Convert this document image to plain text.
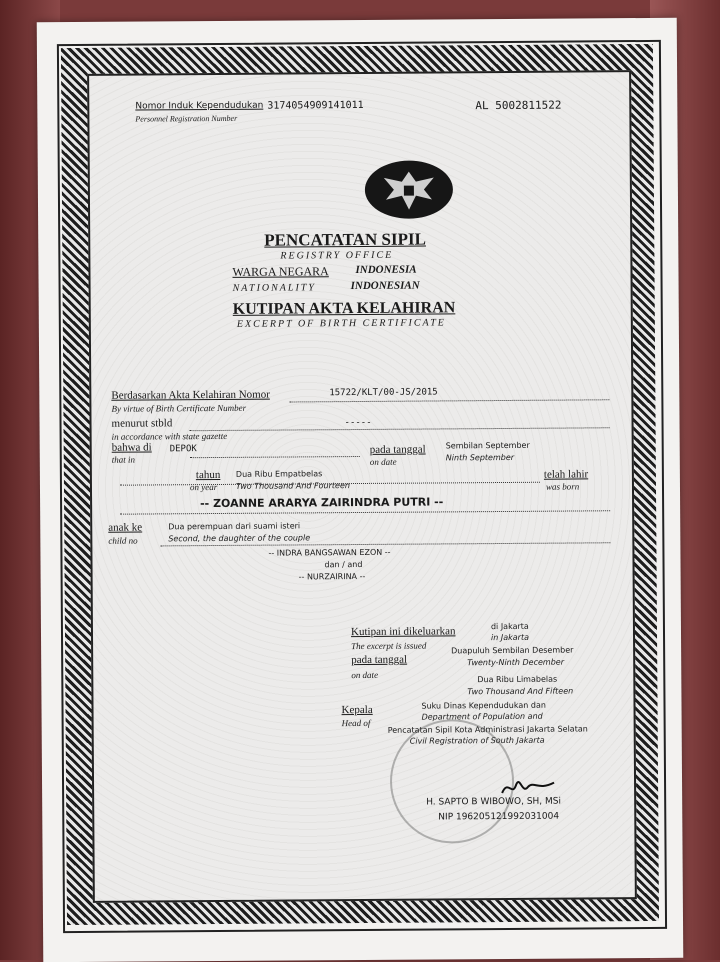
Nomor Induk Kependudukan 3174054909141011
Personnel Registration Number
AL 5002811522
PENCATATAN SIPIL
REGISTRY OFFICE
WARGA NEGARA INDONESIA
NATIONALITY	INDONESIAN
KUTIPAN AKTA KELAHIRAN
EXCERPT OF BIRTH CERTIFICATE
Berdasarkan Akta Kelahiran Nomor	15722/KLT/00-JS/2015
By virtue of Birth Certificate Number
menurut stbld	-----
in accordance with state gazette
bahwa di DEPOK
that in
pada tanggal
on date
Sembilan September
Ninth September
tahun
on year
Dua Ribu Empatbelas
Two Thousand And Fourteen
telah lahir
was born
-- ZOANNE ARARYA ZAIRINDRA PUTRI --
anak ke
child no
Dua perempuan dari suami isteri
Second, the daughter of the couple
-- INDRA BANGSAWAN EZON --
dan / and
-- NURZAIRINA --
Kutipan ini dikeluarkan
The excerpt is issued
di Jakarta
in Jakarta
pada tanggal
on date
Duapuluh Sembilan Desember
Twenty-Ninth December
Dua Ribu Limabelas
Two Thousand And Fifteen
Kepala
Head of
Suku Dinas Kependudukan dan
Department of Population and
Pencatatan Sipil Kota Administrasi Jakarta Selatan
Civil Registration of South Jakarta
H. SAPTO B WIBOWO, SH, MSi
NIP 196205121992031004
